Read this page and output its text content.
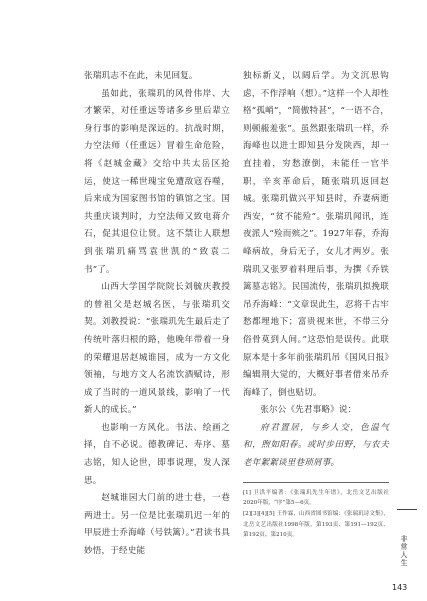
张瑞玑志不在此，未见回复。

虽如此，张瑞玑的风骨伟岸、大才繁荣，对任重远等诸多乡里后辈立身行事的影响是深远的。抗战时期，力空法师（任重远）冒着生命危险，将《赵城金藏》交给中共太岳区抢运，使这一稀世瑰宝免遭敌寇吞噬，后来成为国家图书馆的镇馆之宝。国共重庆谈判时，力空法师又致电蒋介石，促其退位让贤。这不禁让人联想到张瑞玑痛骂袁世凯的“致袁二书”了。

山西大学国学院院长刘毓庆教授的曾祖父是赵城名医，与张瑞玑交契。刘教授说：“张瑞玑先生最后走了传统叶落归根的路，他晚年带着一身的荣耀退居赵城谁园，成为一方文化领袖，与地方文人名流饮酒赋诗，形成了当时的一道风景线，影响了一代新人的成长。”

也影响一方风化。书法、绘画之择，自不必说。德教碑记、寿序、墓志铭，知人论世，即事说理，发人深思。

赵城谁园大门前的进士巷，一巷两进士。另一位是比张瑞玑迟一年的甲辰进士乔海峰（号铁篱）。”君读书具妙悟，于经史能

独标新义，以阔后学。为文沉思钩虑，不作浮响（想）。”这样一个人却性格“孤峭”，“简傲特甚”，“一语不合，则顿赧羞张”。虽然跟张瑞玑一样，乔海峰也以进士即知县分发陕西，却一直挂着，穷愁潦倒，未能任一官半职，辛亥革命后，随张瑞玑返回赵城。张瑞玑做兴平知县时，乔妻病逝西安，“贫不能殓”。张瑞玑闻讯，连夜派人“殓而殡之”。1927年春，乔海峰病故，身后无子，女儿才两岁。张瑞玑又张罗着料理后事，为撰《乔铁篱墓志铭》。民国流传，张瑞玑拟挽联吊乔海峰：“文章误此生，忍将千古牢愁都埋地下；富贵视来世，不带三分俗骨莫到人间。”这恐怕是误传。此联原本是十多年前张瑞玑吊《国风日报》编辑荆大觉的，大概好事者借来吊乔海峰了，倒也贴切。

张尔公《先君事略》说：

府君置居，与乡人交，色温气和，煦如阳春。或时步田野，与农夫老年絮絮谈里巷琐屑事。

[1] 卫洪平编著：《张瑞玑先生年谱》，北岳文艺出版社2020年版，“序”第5—6页。
[2][3][4][5] 王作霖、山西省图书馆编：《张瑞玑诗文集》，北岳文艺出版社1998年版，第193页、第191—192页、第192页、第210页。
非常人生
143
